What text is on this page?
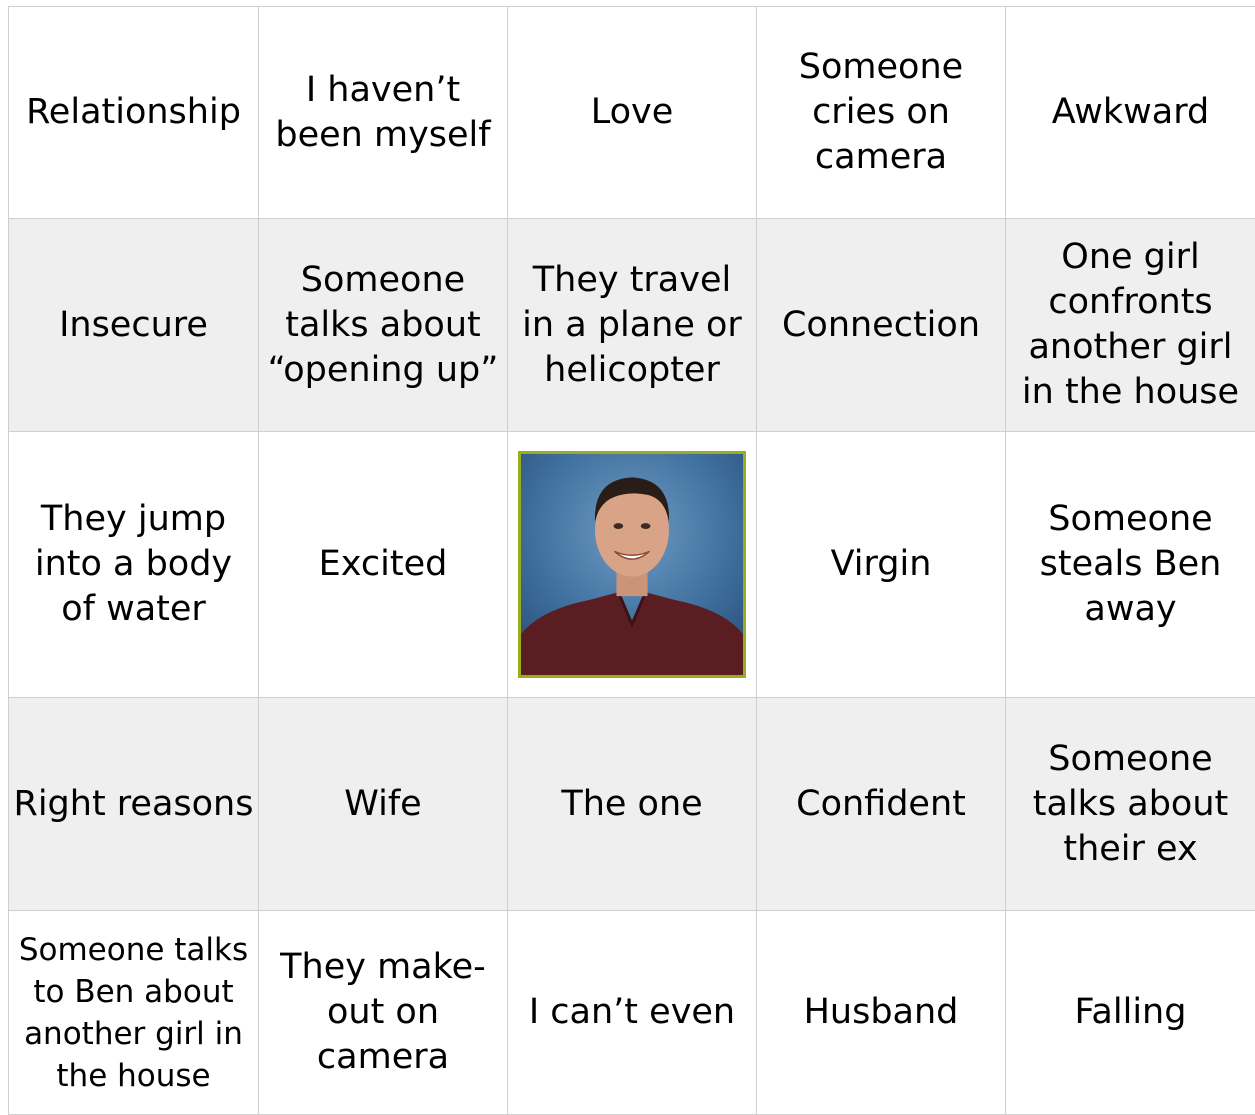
Relationship	I haven’t been myself	Love	Someone cries on camera	Awkward
Insecure	Someone talks about “opening up”	They travel in a plane or helicopter	Connection	One girl confronts another girl in the house
They jump into a body of water	Excited		Virgin	Someone steals Ben away
Right reasons	Wife	The one	Confident	Someone talks about their ex
Someone talks to Ben about another girl in the house	They make-out on camera	I can’t even	Husband	Falling
